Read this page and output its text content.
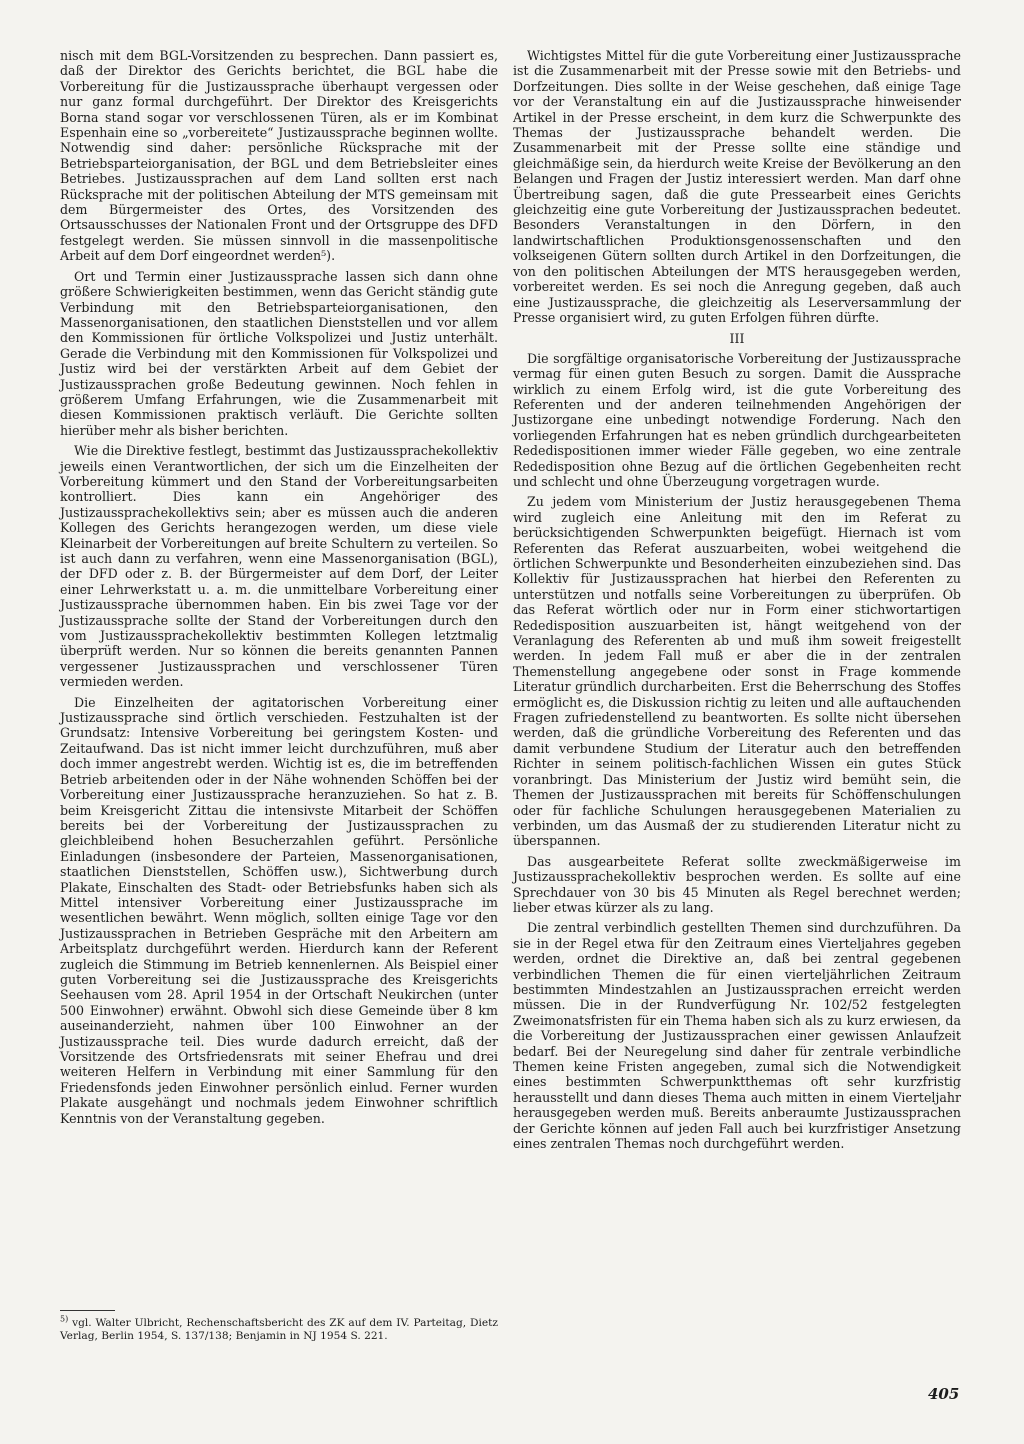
nisch mit dem BGL-Vorsitzenden zu besprechen. Dann passiert es, daß der Direktor des Gerichts berichtet, die BGL habe die Vorbereitung für die Justizaussprache überhaupt vergessen oder nur ganz formal durchgeführt. Der Direktor des Kreisgerichts Borna stand sogar vor verschlossenen Türen, als er im Kombinat Espenhain eine so „vorbereitete“ Justizaussprache beginnen wollte. Notwendig sind daher: persönliche Rücksprache mit der Betriebsparteiorganisation, der BGL und dem Betriebsleiter eines Betriebes. Justizaussprachen auf dem Land sollten erst nach Rücksprache mit der politischen Abteilung der MTS gemeinsam mit dem Bürgermeister des Ortes, des Vorsitzenden des Ortsausschusses der Nationalen Front und der Ortsgruppe des DFD festgelegt werden. Sie müssen sinnvoll in die massenpolitische Arbeit auf dem Dorf eingeordnet werden⁵).

Ort und Termin einer Justizaussprache lassen sich dann ohne größere Schwierigkeiten bestimmen, wenn das Gericht ständig gute Verbindung mit den Betriebsparteiorganisationen, den Massenorganisationen, den staatlichen Dienststellen und vor allem den Kommissionen für örtliche Volkspolizei und Justiz unterhält. Gerade die Verbindung mit den Kommissionen für Volkspolizei und Justiz wird bei der verstärkten Arbeit auf dem Gebiet der Justizaussprachen große Bedeutung gewinnen. Noch fehlen in größerem Umfang Erfahrungen, wie die Zusammenarbeit mit diesen Kommissionen praktisch verläuft. Die Gerichte sollten hierüber mehr als bisher berichten.

Wie die Direktive festlegt, bestimmt das Justizaussprachekollektiv jeweils einen Verantwortlichen, der sich um die Einzelheiten der Vorbereitung kümmert und den Stand der Vorbereitungsarbeiten kontrolliert. Dies kann ein Angehöriger des Justizaussprachekollektivs sein; aber es müssen auch die anderen Kollegen des Gerichts herangezogen werden, um diese viele Kleinarbeit der Vorbereitungen auf breite Schultern zu verteilen. So ist auch dann zu verfahren, wenn eine Massenorganisation (BGL), der DFD oder z. B. der Bürgermeister auf dem Dorf, der Leiter einer Lehrwerkstatt u. a. m. die unmittelbare Vorbereitung einer Justizaussprache übernommen haben. Ein bis zwei Tage vor der Justizaussprache sollte der Stand der Vorbereitungen durch den vom Justizaussprachekollektiv bestimmten Kollegen letztmalig überprüft werden. Nur so können die bereits genannten Pannen vergessener Justizaussprachen und verschlossener Türen vermieden werden.

Die Einzelheiten der agitatorischen Vorbereitung einer Justizaussprache sind örtlich verschieden. Festzuhalten ist der Grundsatz: Intensive Vorbereitung bei geringstem Kosten- und Zeitaufwand. Das ist nicht immer leicht durchzuführen, muß aber doch immer angestrebt werden. Wichtig ist es, die im betreffenden Betrieb arbeitenden oder in der Nähe wohnenden Schöffen bei der Vorbereitung einer Justizaussprache heranzuziehen. So hat z. B. beim Kreisgericht Zittau die intensivste Mitarbeit der Schöffen bereits bei der Vorbereitung der Justizaussprachen zu gleichbleibend hohen Besucherzahlen geführt. Persönliche Einladungen (insbesondere der Parteien, Massenorganisationen, staatlichen Dienststellen, Schöffen usw.), Sichtwerbung durch Plakate, Einschalten des Stadt- oder Betriebsfunks haben sich als Mittel intensiver Vorbereitung einer Justizaussprache im wesentlichen bewährt. Wenn möglich, sollten einige Tage vor den Justizaussprachen in Betrieben Gespräche mit den Arbeitern am Arbeitsplatz durchgeführt werden. Hierdurch kann der Referent zugleich die Stimmung im Betrieb kennenlernen. Als Beispiel einer guten Vorbereitung sei die Justizaussprache des Kreisgerichts Seehausen vom 28. April 1954 in der Ortschaft Neukirchen (unter 500 Einwohner) erwähnt. Obwohl sich diese Gemeinde über 8 km auseinanderzieht, nahmen über 100 Einwohner an der Justizaussprache teil. Dies wurde dadurch erreicht, daß der Vorsitzende des Ortsfriedensrats mit seiner Ehefrau und drei weiteren Helfern in Verbindung mit einer Sammlung für den Friedensfonds jeden Einwohner persönlich einlud. Ferner wurden Plakate ausgehängt und nochmals jedem Einwohner schriftlich Kenntnis von der Veranstaltung gegeben.

Wichtigstes Mittel für die gute Vorbereitung einer Justizaussprache ist die Zusammenarbeit mit der Presse sowie mit den Betriebs- und Dorfzeitungen. Dies sollte in der Weise geschehen, daß einige Tage vor der Veranstaltung ein auf die Justizaussprache hinweisender Artikel in der Presse erscheint, in dem kurz die Schwerpunkte des Themas der Justizaussprache behandelt werden. Die Zusammenarbeit mit der Presse sollte eine ständige und gleichmäßige sein, da hierdurch weite Kreise der Bevölkerung an den Belangen und Fragen der Justiz interessiert werden. Man darf ohne Übertreibung sagen, daß die gute Pressearbeit eines Gerichts gleichzeitig eine gute Vorbereitung der Justizaussprachen bedeutet. Besonders Veranstaltungen in den Dörfern, in den landwirtschaftlichen Produktionsgenossenschaften und den volkseigenen Gütern sollten durch Artikel in den Dorfzeitungen, die von den politischen Abteilungen der MTS herausgegeben werden, vorbereitet werden. Es sei noch die Anregung gegeben, daß auch eine Justizaussprache, die gleichzeitig als Leserversammlung der Presse organisiert wird, zu guten Erfolgen führen dürfte.

III

Die sorgfältige organisatorische Vorbereitung der Justizaussprache vermag für einen guten Besuch zu sorgen. Damit die Aussprache wirklich zu einem Erfolg wird, ist die gute Vorbereitung des Referenten und der anderen teilnehmenden Angehörigen der Justizorgane eine unbedingt notwendige Forderung. Nach den vorliegenden Erfahrungen hat es neben gründlich durchgearbeiteten Rededispositionen immer wieder Fälle gegeben, wo eine zentrale Rededisposition ohne Bezug auf die örtlichen Gegebenheiten recht und schlecht und ohne Überzeugung vorgetragen wurde.

Zu jedem vom Ministerium der Justiz herausgegebenen Thema wird zugleich eine Anleitung mit den im Referat zu berücksichtigenden Schwerpunkten beigefügt. Hiernach ist vom Referenten das Referat auszuarbeiten, wobei weitgehend die örtlichen Schwerpunkte und Besonderheiten einzubeziehen sind. Das Kollektiv für Justizaussprachen hat hierbei den Referenten zu unterstützen und notfalls seine Vorbereitungen zu überprüfen. Ob das Referat wörtlich oder nur in Form einer stichwortartigen Rededisposition auszuarbeiten ist, hängt weitgehend von der Veranlagung des Referenten ab und muß ihm soweit freigestellt werden. In jedem Fall muß er aber die in der zentralen Themenstellung angegebene oder sonst in Frage kommende Literatur gründlich durcharbeiten. Erst die Beherrschung des Stoffes ermöglicht es, die Diskussion richtig zu leiten und alle auftauchenden Fragen zufriedenstellend zu beantworten. Es sollte nicht übersehen werden, daß die gründliche Vorbereitung des Referenten und das damit verbundene Studium der Literatur auch den betreffenden Richter in seinem politisch-fachlichen Wissen ein gutes Stück voranbringt. Das Ministerium der Justiz wird bemüht sein, die Themen der Justizaussprachen mit bereits für Schöffenschulungen oder für fachliche Schulungen herausgegebenen Materialien zu verbinden, um das Ausmaß der zu studierenden Literatur nicht zu überspannen.

Das ausgearbeitete Referat sollte zweckmäßigerweise im Justizaussprachekollektiv besprochen werden. Es sollte auf eine Sprechdauer von 30 bis 45 Minuten als Regel berechnet werden; lieber etwas kürzer als zu lang.

Die zentral verbindlich gestellten Themen sind durchzuführen. Da sie in der Regel etwa für den Zeitraum eines Vierteljahres gegeben werden, ordnet die Direktive an, daß bei zentral gegebenen verbindlichen Themen die für einen vierteljährlichen Zeitraum bestimmten Mindestzahlen an Justizaussprachen erreicht werden müssen. Die in der Rundverfügung Nr. 102/52 festgelegten Zweimonatsfristen für ein Thema haben sich als zu kurz erwiesen, da die Vorbereitung der Justizaussprachen einer gewissen Anlaufzeit bedarf. Bei der Neuregelung sind daher für zentrale verbindliche Themen keine Fristen angegeben, zumal sich die Notwendigkeit eines bestimmten Schwerpunktthemas oft sehr kurzfristig herausstellt und dann dieses Thema auch mitten in einem Vierteljahr herausgegeben werden muß. Bereits anberaumte Justizaussprachen der Gerichte können auf jeden Fall auch bei kurzfristiger Ansetzung eines zentralen Themas noch durchgeführt werden.

$^{5)}$ vgl. Walter Ulbricht, Rechenschaftsbericht des ZK auf dem IV. Parteitag, Dietz Verlag, Berlin 1954, S. 137/138; Benjamin in NJ 1954 S. 221.
405
